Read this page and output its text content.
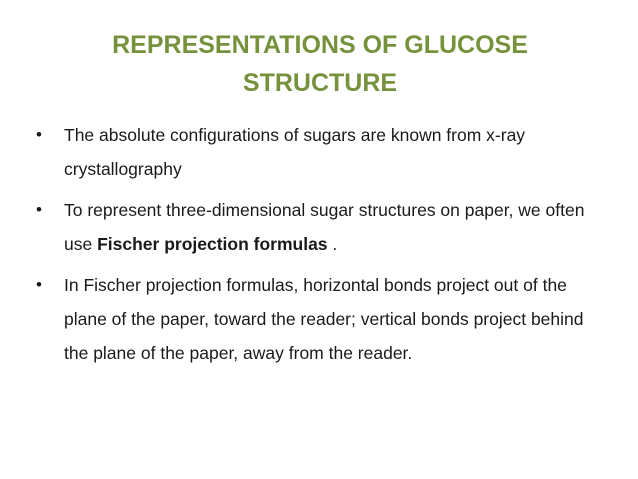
REPRESENTATIONS OF GLUCOSE
STRUCTURE
• The absolute configurations of sugars are known from x-ray crystallography
• To represent three-dimensional sugar structures on paper, we often use Fischer projection formulas .
• In Fischer projection formulas, horizontal bonds project out of the plane of the paper, toward the reader; vertical bonds project behind the plane of the paper, away from the reader.
